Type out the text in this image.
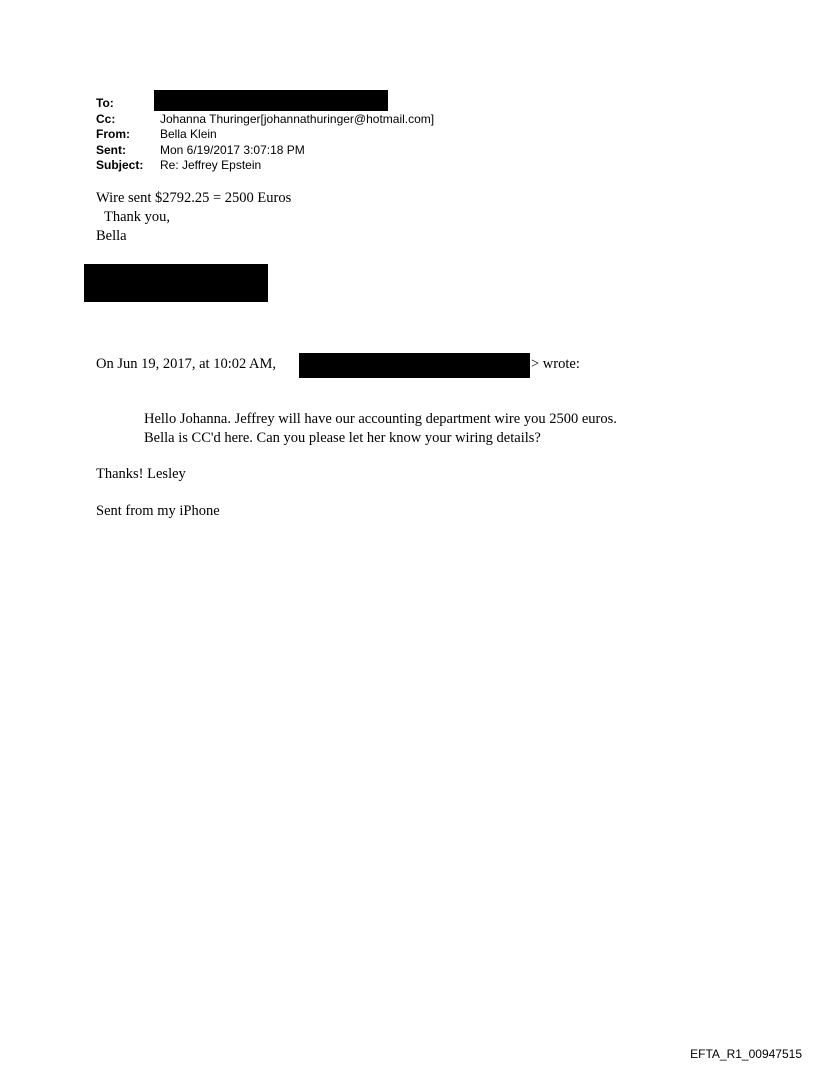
To:
Cc:	Johanna Thuringer[johannathuringer@hotmail.com]
From:	Bella Klein
Sent:	Mon 6/19/2017 3:07:18 PM
Subject:	Re: Jeffrey Epstein
Wire sent $2792.25 = 2500 Euros
Thank you,
Bella
On Jun 19, 2017, at 10:02 AM,	> wrote:
Hello Johanna. Jeffrey will have our accounting department wire you 2500 euros.
Bella is CC'd here. Can you please let her know your wiring details?
Thanks! Lesley
Sent from my iPhone
EFTA_R1_00947515
